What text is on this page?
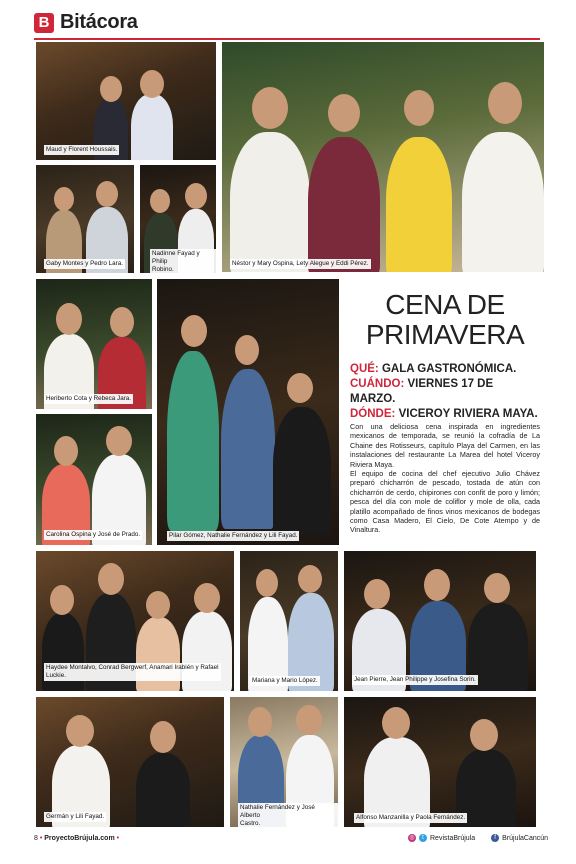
B Bitácora
Maud y Florent Houssais.
Néstor y Mary Ospina, Lety Alegue y Eddi Pérez.
Gaby Montes y Pedro Lara.
Nadinne Fayad y Philip
Robino.
Heriberto Cota y Rebeca Jara.
Pilar Gómez, Nathalie Fernández y Lili Fayad.
Carolina Ospina y José de Prado.
CENA DE
PRIMAVERA
QUÉ: GALA GASTRONÓMICA.
CUÁNDO: VIERNES 17 DE MARZO.
DÓNDE: VICEROY RIVIERA MAYA.

Con una deliciosa cena inspirada en ingredientes mexicanos de temporada, se reunió la cofradía de La Chaine des Rotisseurs, capítulo Playa del Carmen, en las instalaciones del restaurante La Marea del hotel Viceroy Riviera Maya.

El equipo de cocina del chef ejecutivo Julio Chávez preparó chicharrón de pescado, tostada de atún con chicharrón de cerdo, chipirones con confit de poro y limón; pesca del día con mole de coliflor y mole de olla, cada platillo acompañado de finos vinos mexicanos de bodegas como Casa Madero, El Cielo, De Cote Atempo y de Vinaltura.

Haydee Montalvo, Conrad Bergwerf, Anamari Irabién y Rafael
Luckie.
Mariana y Mario López.	Jean Pierre, Jean Philippe y Josefina Sorin.
Germán y Lili Fayad.
Nathalie Fernández y José Alberto
Castro.
Alfonso Manzanilla y Paola Fernández.
8 • ProyectoBrújula.com •	◎	t RevistaBrújula	f BrújulaCancún
